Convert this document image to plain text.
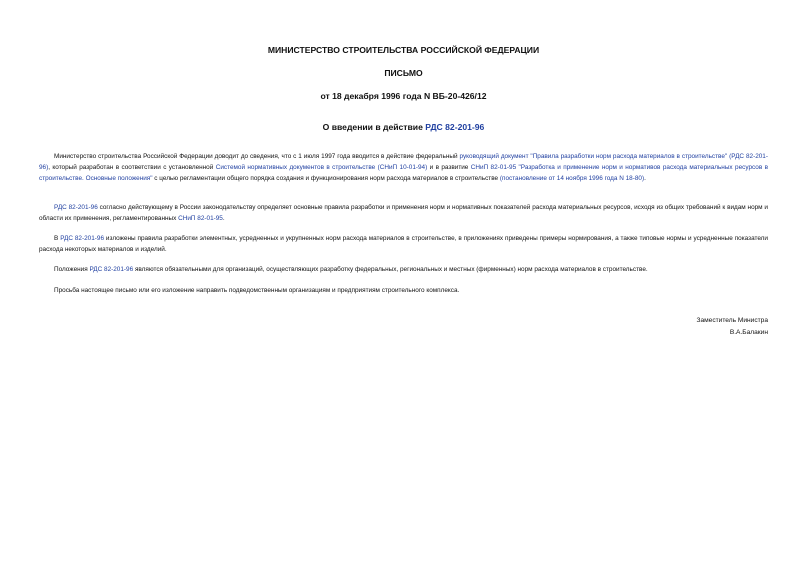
МИНИСТЕРСТВО СТРОИТЕЛЬСТВА РОССИЙСКОЙ ФЕДЕРАЦИИ
ПИСЬМО
от 18 декабря 1996 года N ВБ-20-426/12
О введении в действие РДС 82-201-96

Министерство строительства Российской Федерации доводит до сведения, что с 1 июля 1997 года вводится в действие федеральный руководящий документ "Правила разработки норм расхода материалов в строительстве" (РДС 82-201-96), который разработан в соответствии с установленной Системой нормативных документов в строительстве (СНиП 10-01-94) и в развитие СНиП 82-01-95 "Разработка и применение норм и нормативов расхода материальных ресурсов в строительстве. Основные положения" с целью регламентации общего порядка создания и функционирования норм расхода материалов в строительстве (постановление от 14 ноября 1996 года N 18-80).

РДС 82-201-96 согласно действующему в России законодательству определяет основные правила разработки и применения норм и нормативных показателей расхода материальных ресурсов, исходя из общих требований к видам норм и области их применения, регламентированных СНиП 82-01-95.

В РДС 82-201-96 изложены правила разработки элементных, усредненных и укрупненных норм расхода материалов в строительстве, в приложениях приведены примеры нормирования, а также типовые нормы и усредненные показатели расхода некоторых материалов и изделий.

Положения РДС 82-201-96 являются обязательными для организаций, осуществляющих разработку федеральных, региональных и местных (фирменных) норм расхода материалов в строительстве.

Просьба настоящее письмо или его изложение направить подведомственным организациям и предприятиям строительного комплекса.

Заместитель Министра
В.А.Балакин
